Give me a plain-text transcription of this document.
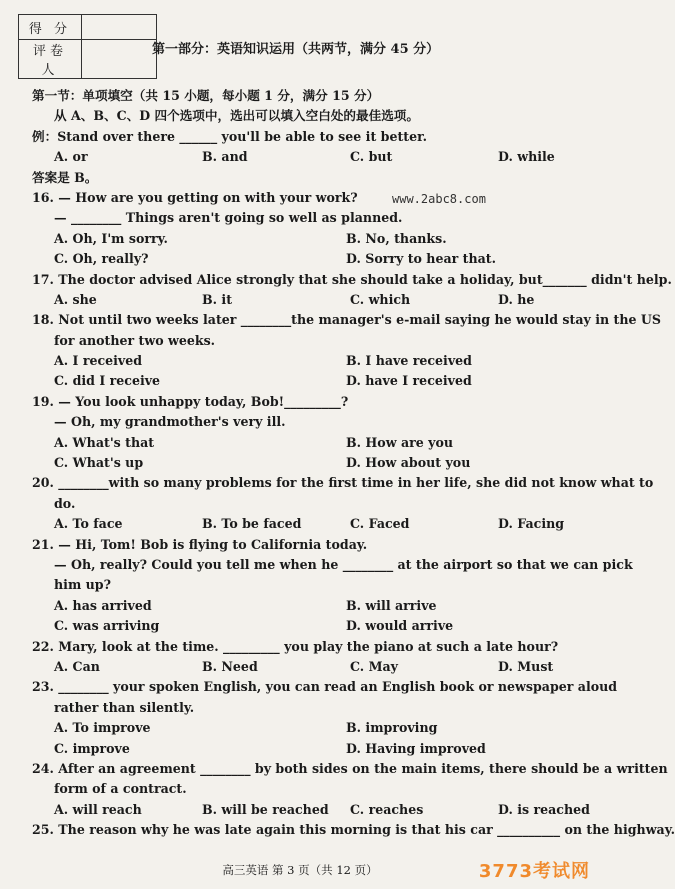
得 分	
评卷人	
第一部分：英语知识运用（共两节，满分 45 分）
www.2abc8.com
第一节：单项填空（共 15 小题，每小题 1 分，满分 15 分）
从 A、B、C、D 四个选项中，选出可以填入空白处的最佳选项。
例：Stand over there ______ you'll be able to see it better.
A. or	B. and	C. but	D. while
答案是 B。
16. — How are you getting on with your work?
— ________ Things aren't going so well as planned.
A. Oh, I'm sorry.	B. No, thanks.
C. Oh, really?	D. Sorry to hear that.
17. The doctor advised Alice strongly that she should take a holiday, but_______ didn't help.
A. she	B. it	C. which	D. he
18. Not until two weeks later ________the manager's e-mail saying he would stay in the US
for another two weeks.
A. I received	B. I have received
C. did I receive	D. have I received
19. — You look unhappy today, Bob!_________?
— Oh, my grandmother's very ill.
A. What's that	B. How are you
C. What's up	D. How about you
20. ________with so many problems for the first time in her life, she did not know what to
do.
A. To face	B. To be faced	C. Faced	D. Facing
21. — Hi, Tom! Bob is flying to California today.
— Oh, really? Could you tell me when he ________ at the airport so that we can pick
him up?
A. has arrived	B. will arrive
C. was arriving	D. would arrive
22. Mary, look at the time. _________ you play the piano at such a late hour?
A. Can	B. Need	C. May	D. Must
23. ________ your spoken English, you can read an English book or newspaper aloud
rather than silently.
A. To improve	B. improving
C. improve	D. Having improved
24. After an agreement ________ by both sides on the main items, there should be a written
form of a contract.
A. will reach	B. will be reached	C. reaches	D. is reached
25. The reason why he was late again this morning is that his car __________ on the highway.
高三英语 第 3 页（共 12 页）	3773考试网
